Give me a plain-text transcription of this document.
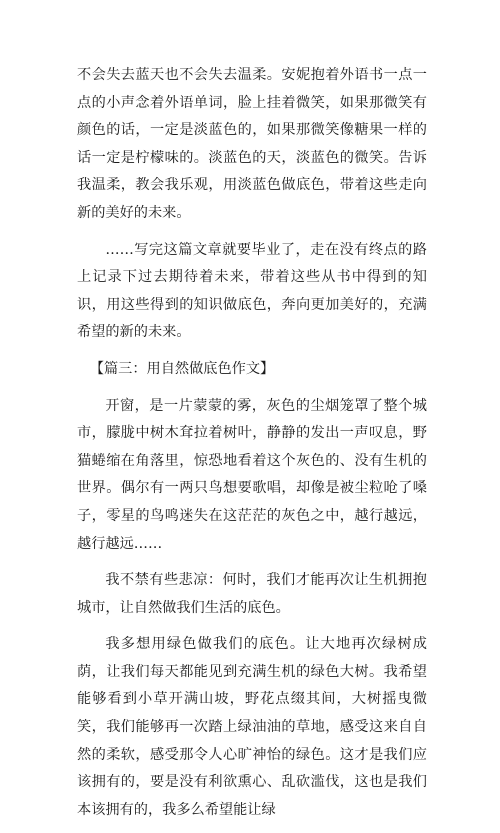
不会失去蓝天也不会失去温柔。安妮抱着外语书一点一点的小声念着外语单词，脸上挂着微笑，如果那微笑有颜色的话，一定是淡蓝色的，如果那微笑像糖果一样的话一定是柠檬味的。淡蓝色的天，淡蓝色的微笑。告诉我温柔，教会我乐观，用淡蓝色做底色，带着这些走向新的美好的未来。

……写完这篇文章就要毕业了，走在没有终点的路上记录下过去期待着未来，带着这些从书中得到的知识，用这些得到的知识做底色，奔向更加美好的，充满希望的新的未来。

【篇三：用自然做底色作文】

开窗，是一片蒙蒙的雾，灰色的尘烟笼罩了整个城市，朦胧中树木耷拉着树叶，静静的发出一声叹息，野猫蜷缩在角落里，惊恐地看着这个灰色的、没有生机的世界。偶尔有一两只鸟想要歌唱，却像是被尘粒呛了嗓子，零星的鸟鸣迷失在这茫茫的灰色之中，越行越远，越行越远……

我不禁有些悲凉：何时，我们才能再次让生机拥抱城市，让自然做我们生活的底色。

我多想用绿色做我们的底色。让大地再次绿树成荫，让我们每天都能见到充满生机的绿色大树。我希望能够看到小草开满山坡，野花点缀其间，大树摇曳微笑，我们能够再一次踏上绿油油的草地，感受这来自自然的柔软，感受那令人心旷神怡的绿色。这才是我们应该拥有的，要是没有利欲熏心、乱砍滥伐，这也是我们本该拥有的，我多么希望能让绿
